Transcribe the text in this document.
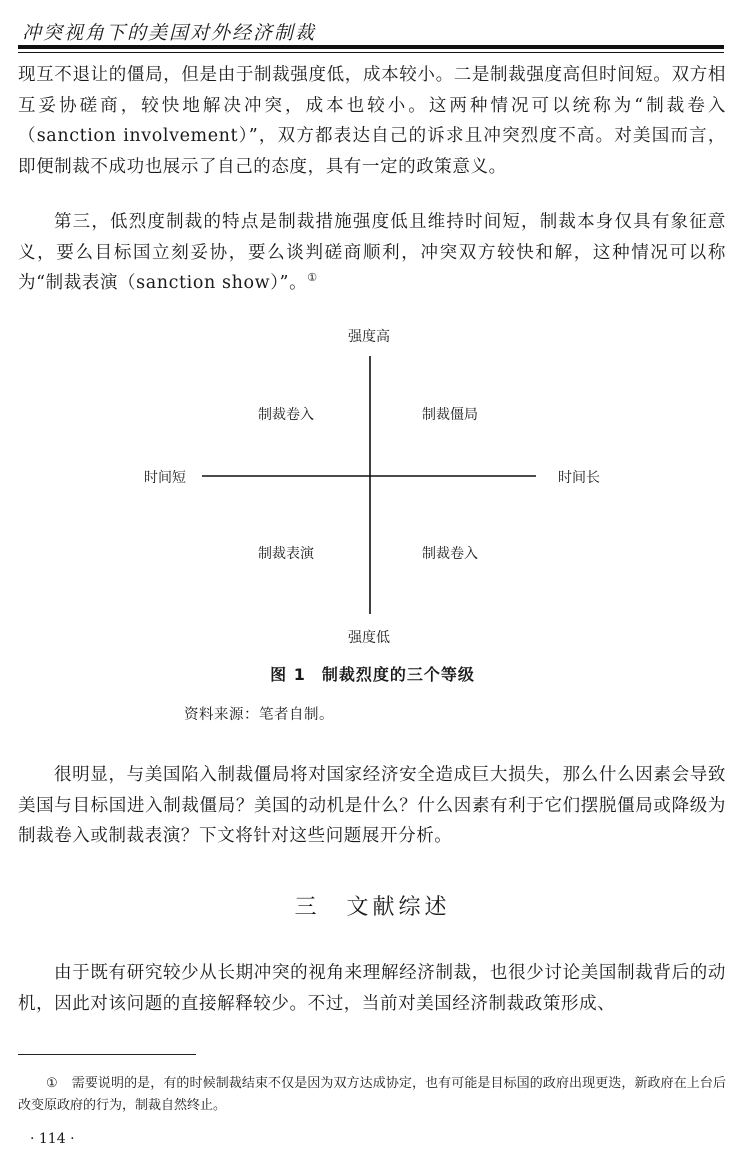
冲突视角下的美国对外经济制裁

现互不退让的僵局，但是由于制裁强度低，成本较小。二是制裁强度高但时间短。双方相互妥协磋商，较快地解决冲突，成本也较小。这两种情况可以统称为“制裁卷入（sanction involvement）”，双方都表达自己的诉求且冲突烈度不高。对美国而言，即便制裁不成功也展示了自己的态度，具有一定的政策意义。

第三，低烈度制裁的特点是制裁措施强度低且维持时间短，制裁本身仅具有象征意义，要么目标国立刻妥协，要么谈判磋商顺利，冲突双方较快和解，这种情况可以称为“制裁表演（sanction show）”。①

强度高
强度低
时间短	时间长
制裁卷入	制裁僵局
制裁表演	制裁卷入
图 1 制裁烈度的三个等级
资料来源：笔者自制。

很明显，与美国陷入制裁僵局将对国家经济安全造成巨大损失，那么什么因素会导致美国与目标国进入制裁僵局？美国的动机是什么？什么因素有利于它们摆脱僵局或降级为制裁卷入或制裁表演？下文将针对这些问题展开分析。

三 文献综述

由于既有研究较少从长期冲突的视角来理解经济制裁，也很少讨论美国制裁背后的动机，因此对该问题的直接解释较少。不过，当前对美国经济制裁政策形成、

① 需要说明的是，有的时候制裁结束不仅是因为双方达成协定，也有可能是目标国的政府出现更迭，新政府在上台后改变原政府的行为，制裁自然终止。
· 114 ·
